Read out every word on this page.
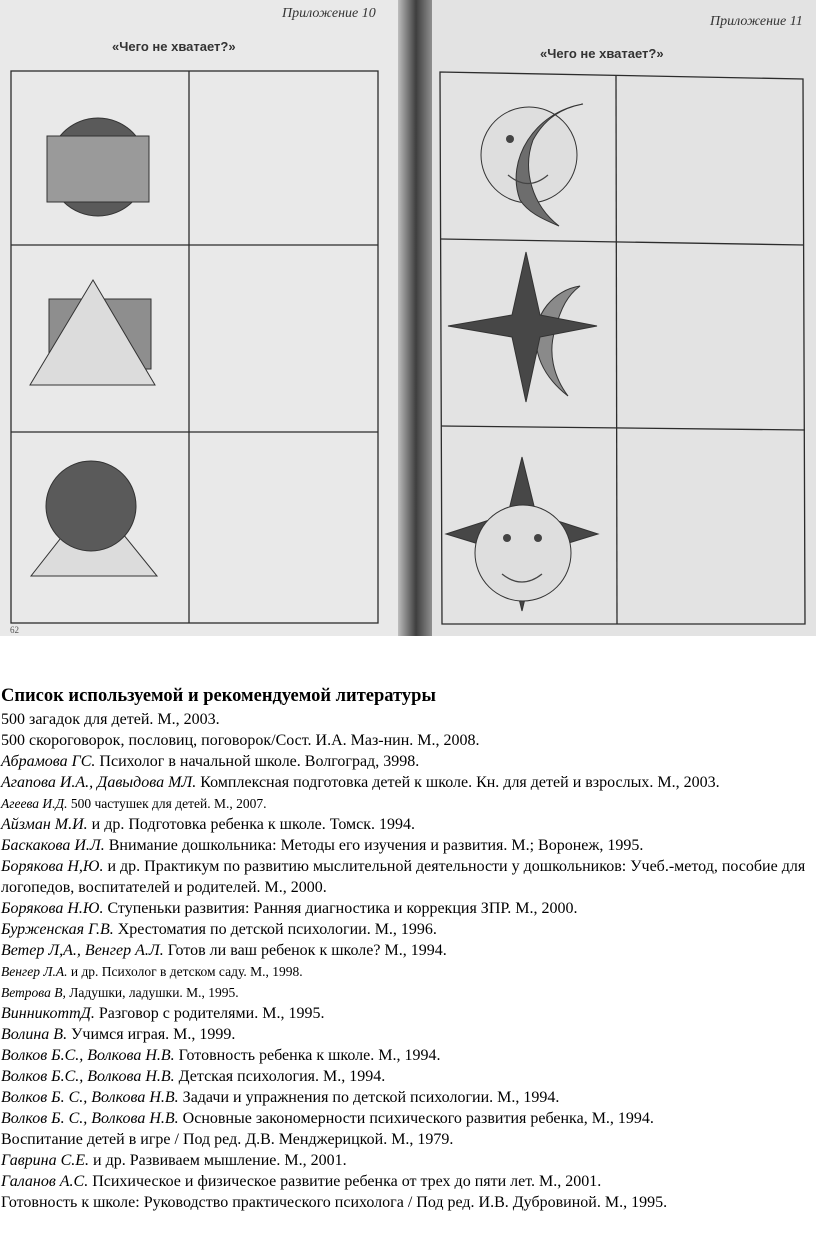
Приложение 10
«Чего не хватает?»
62
Приложение 11
«Чего не хватает?»
Список используемой и рекомендуемой литературы

500 загадок для детей. М., 2003.

500 скороговорок, пословиц, поговорок/Сост. И.А. Маз-нин. М., 2008.

Абрамова ГС. Психолог в начальной школе. Волгоград, 3998.

Агапова И.А., Давыдова МЛ. Комплексная подготовка детей к школе. Кн. для детей и взрослых. М., 2003.

Агеева И.Д. 500 частушек для детей. М., 2007.

Айзман М.И. и др. Подготовка ребенка к школе. Томск. 1994.

Баскакова И.Л. Внимание дошкольника: Методы его изучения и развития. М.; Воронеж, 1995.

Борякова Н,Ю. и др. Практикум по развитию мыслительной деятельности у дошкольников: Учеб.-метод, пособие для логопедов, воспитателей и родителей. М., 2000.

Борякова Н.Ю. Ступеньки развития: Ранняя диагностика и коррекция ЗПР. М., 2000.

Бурженская Г.В. Хрестоматия по детской психологии. М., 1996.

Ветер Л,А., Венгер А.Л. Готов ли ваш ребенок к школе? М., 1994.

Венгер Л.А. и др. Психолог в детском саду. М., 1998.

Ветрова В, Ладушки, ладушки. М., 1995.

ВинникоттД. Разговор с родителями. М., 1995.

Волина В. Учимся играя. М., 1999.

Волков Б.С., Волкова Н.В. Готовность ребенка к школе. М., 1994.

Волков Б.С., Волкова Н.В. Детская психология. М., 1994.

Волков Б. С., Волкова Н.В. Задачи и упражнения по детской психологии. М., 1994.

Волков Б. С., Волкова Н.В. Основные закономерности психического развития ребенка, М., 1994.

Воспитание детей в игре / Под ред. Д.В. Менджерицкой. М., 1979.

Гаврина С.Е. и др. Развиваем мышление. М., 2001.

Галанов А.С. Психическое и физическое развитие ребенка от трех до пяти лет. М., 2001.

Готовность к школе: Руководство практического психолога / Под ред. И.В. Дубровиной. М., 1995.
